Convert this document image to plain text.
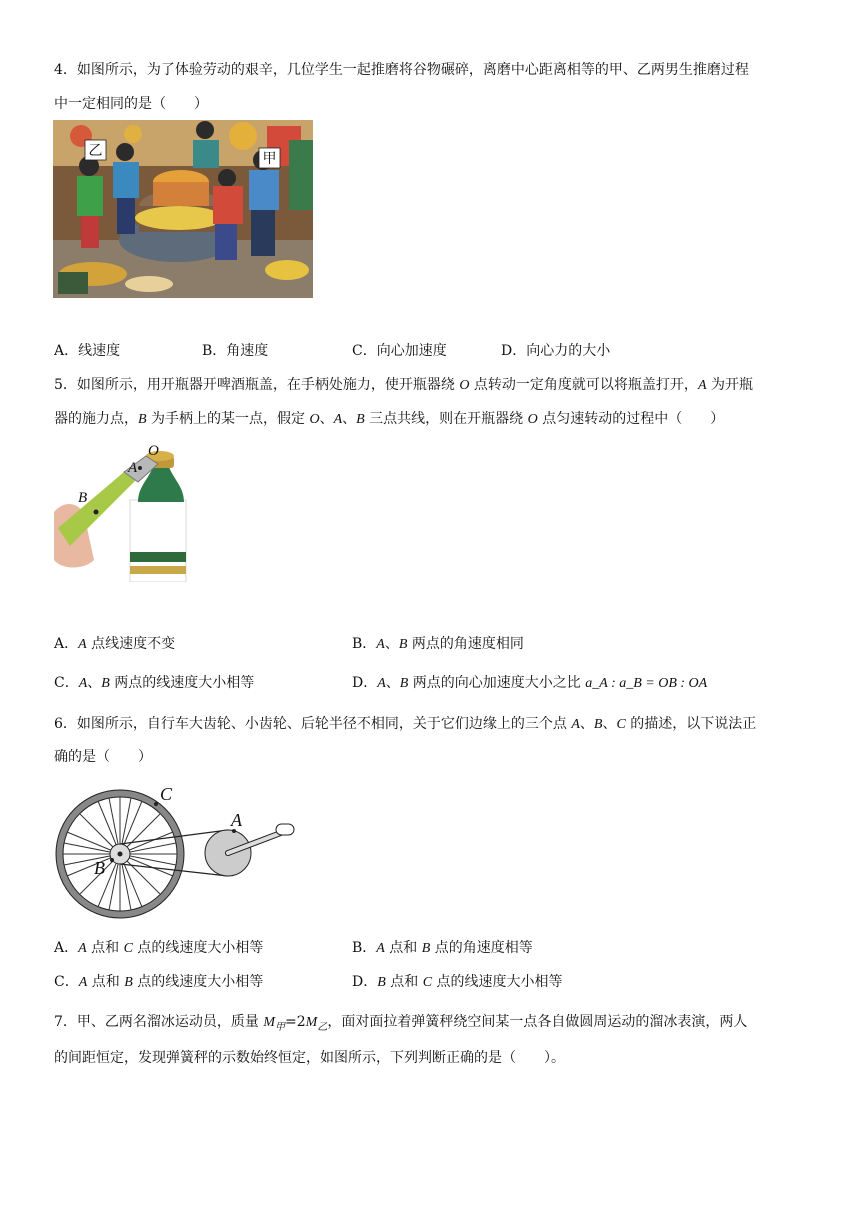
4．如图所示，为了体验劳动的艰辛，几位学生一起推磨将谷物碾碎，离磨中心距离相等的甲、乙两男生推磨过程
中一定相同的是（　　）
乙	甲
A．线速度	B．角速度	C．向心加速度	D．向心力的大小
5．如图所示，用开瓶器开啤酒瓶盖，在手柄处施力，使开瓶器绕 O 点转动一定角度就可以将瓶盖打开，A 为开瓶
器的施力点，B 为手柄上的某一点，假定 O、A、B 三点共线，则在开瓶器绕 O 点匀速转动的过程中（　　）
O
A
B
A．A 点线速度不变	B．A、B 两点的角速度相同
C．A、B 两点的线速度大小相等	D．A、B 两点的向心加速度大小之比 a_A : a_B = OB : OA
6．如图所示，自行车大齿轮、小齿轮、后轮半径不相同，关于它们边缘上的三个点 A、B、C 的描述，以下说法正
确的是（　　）
C
A
B
A．A 点和 C 点的线速度大小相等	B．A 点和 B 点的角速度相等
C．A 点和 B 点的线速度大小相等	D．B 点和 C 点的线速度大小相等
7．甲、乙两名溜冰运动员，质量 $M_甲=2M_乙$，面对面拉着弹簧秤绕空间某一点各自做圆周运动的溜冰表演，两人
的间距恒定，发现弹簧秤的示数始终恒定，如图所示，下列判断正确的是（　　）。
